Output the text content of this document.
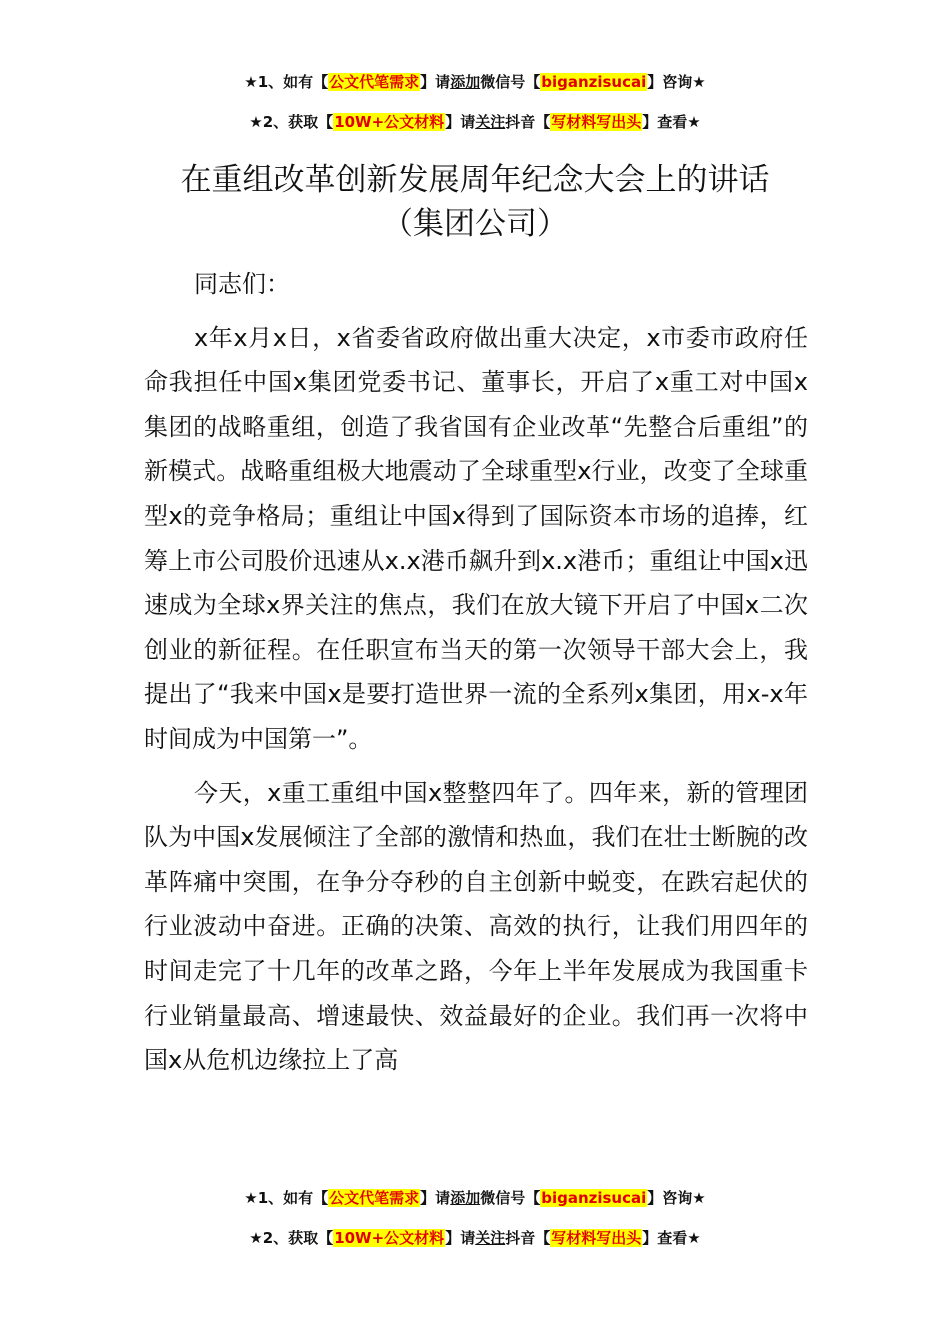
★1、如有【公文代笔需求】请添加微信号【biganzisucai】咨询★
★2、获取【10W+公文材料】请关注抖音【写材料写出头】查看★
在重组改革创新发展周年纪念大会上的讲话
（集团公司）

同志们：

x年x月x日，x省委省政府做出重大决定，x市委市政府任命我担任中国x集团党委书记、董事长，开启了x重工对中国x集团的战略重组，创造了我省国有企业改革“先整合后重组”的新模式。战略重组极大地震动了全球重型x行业，改变了全球重型x的竞争格局；重组让中国x得到了国际资本市场的追捧，红筹上市公司股价迅速从x.x港币飙升到x.x港币；重组让中国x迅速成为全球x界关注的焦点，我们在放大镜下开启了中国x二次创业的新征程。在任职宣布当天的第一次领导干部大会上，我提出了“我来中国x是要打造世界一流的全系列x集团，用x-x年时间成为中国第一”。

今天，x重工重组中国x整整四年了。四年来，新的管理团队为中国x发展倾注了全部的激情和热血，我们在壮士断腕的改革阵痛中突围，在争分夺秒的自主创新中蜕变，在跌宕起伏的行业波动中奋进。正确的决策、高效的执行，让我们用四年的时间走完了十几年的改革之路，今年上半年发展成为我国重卡行业销量最高、增速最快、效益最好的企业。我们再一次将中国x从危机边缘拉上了高

★1、如有【公文代笔需求】请添加微信号【biganzisucai】咨询★
★2、获取【10W+公文材料】请关注抖音【写材料写出头】查看★
